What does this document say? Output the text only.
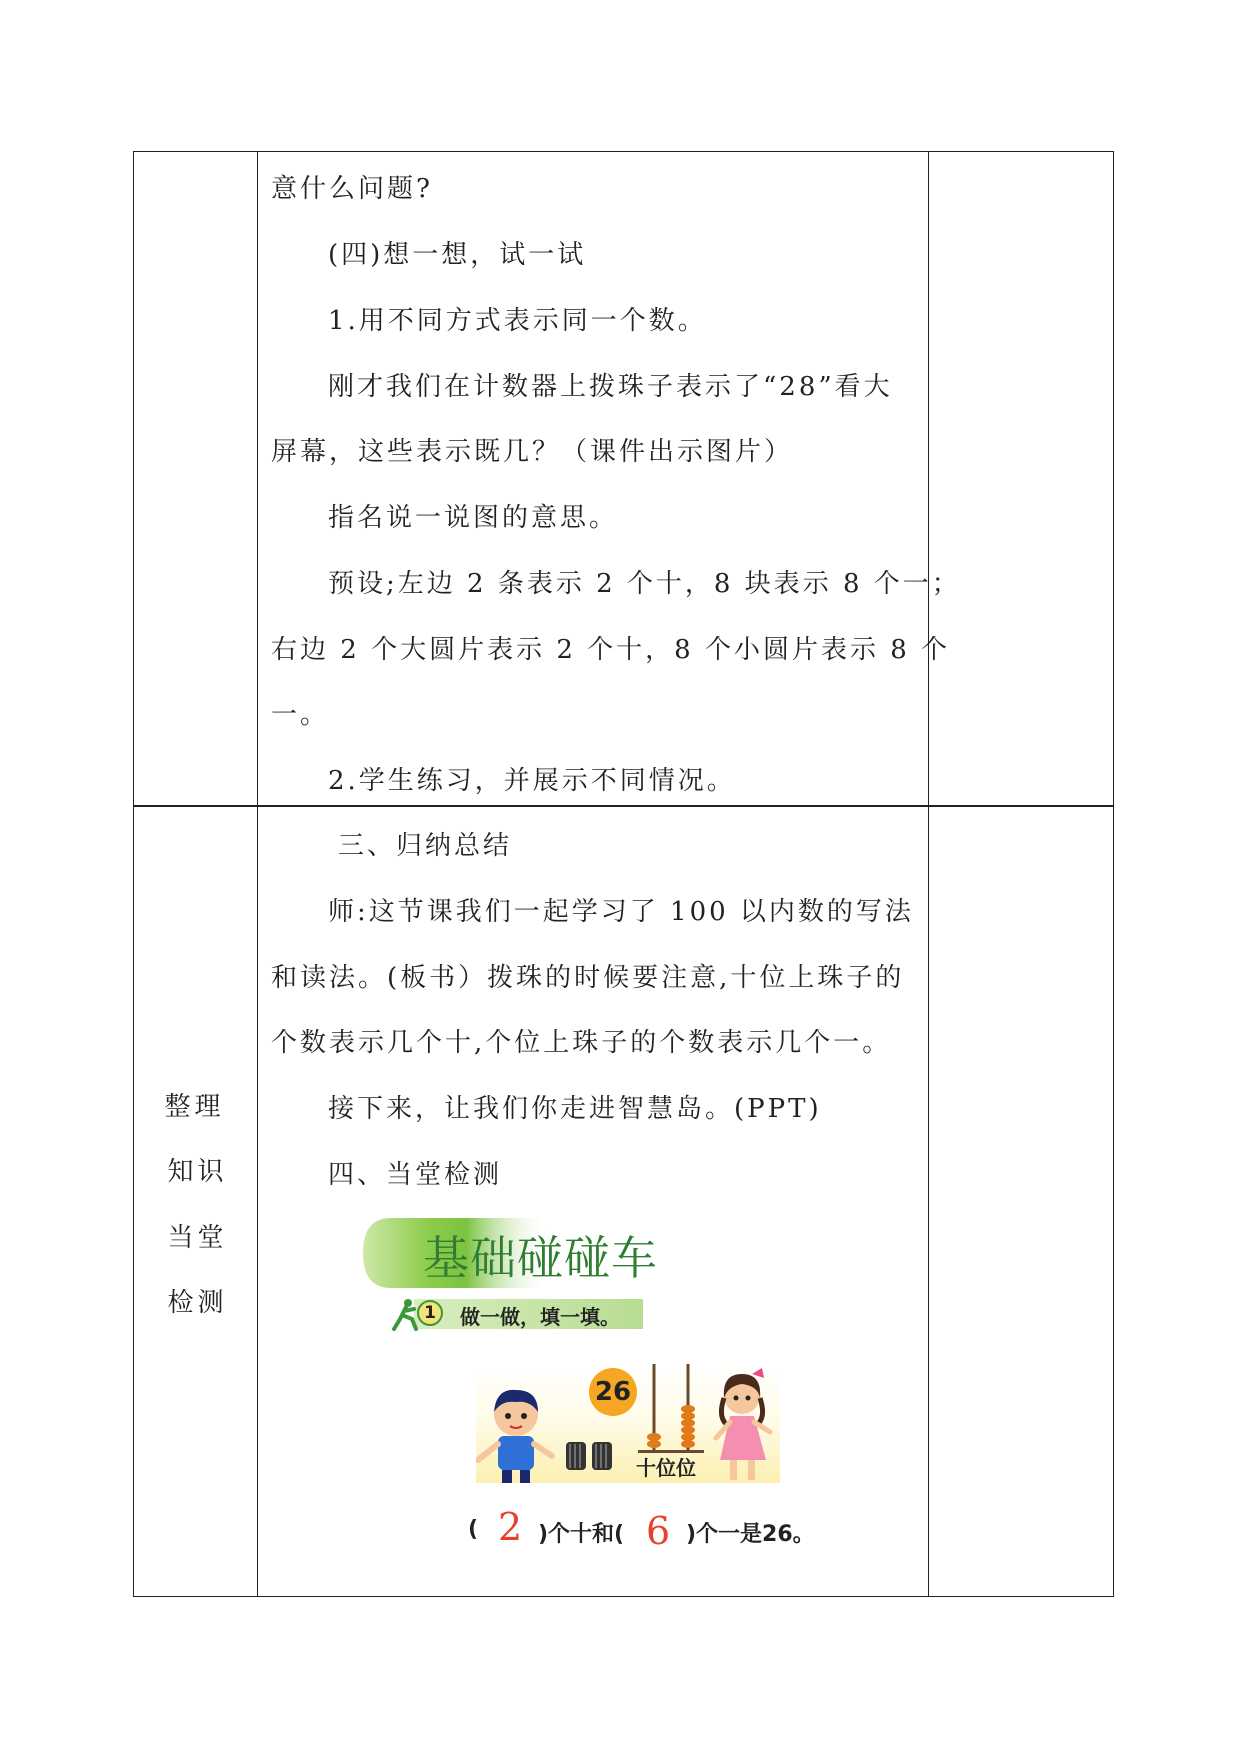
意什么问题?
(四)想一想，试一试
1.用不同方式表示同一个数。
刚才我们在计数器上拨珠子表示了“28”看大
屏幕，这些表示既几？（课件出示图片）
指名说一说图的意思。
预设;左边 2 条表示 2 个十，8 块表示 8 个一；
右边 2 个大圆片表示 2 个十，8 个小圆片表示 8 个
一。
2.学生练习，并展示不同情况。
整理
知识
当堂
检测
三、归纳总结
师:这节课我们一起学习了 100 以内数的写法
和读法。(板书）拨珠的时候要注意,十位上珠子的
个数表示几个十,个位上珠子的个数表示几个一。
接下来，让我们你走进智慧岛。(PPT)
四、当堂检测
基础碰碰车
1	做一做，填一填。
26
十位位
( 2 )个十和( 6 )个一是26。
